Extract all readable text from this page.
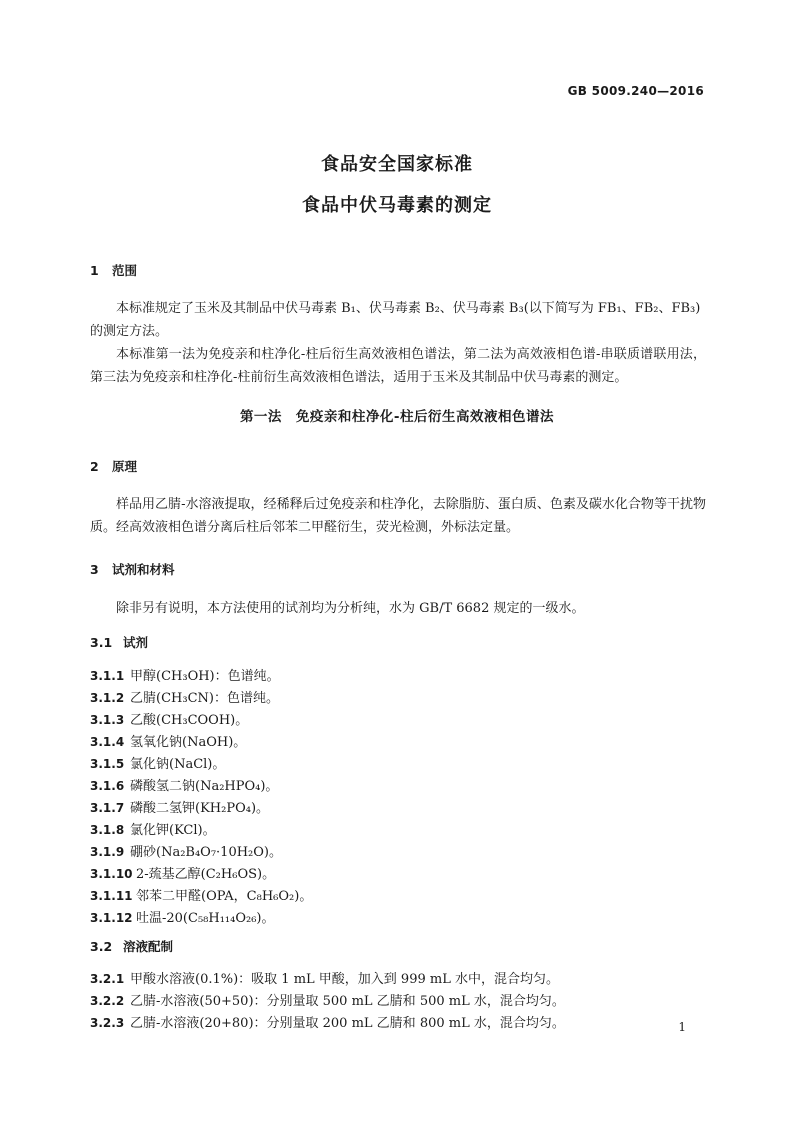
GB 5009.240—2016
食品安全国家标准
食品中伏马毒素的测定
1 范围
本标准规定了玉米及其制品中伏马毒素 B₁、伏马毒素 B₂、伏马毒素 B₃(以下简写为 FB₁、FB₂、FB₃)
的测定方法。
本标准第一法为免疫亲和柱净化-柱后衍生高效液相色谱法，第二法为高效液相色谱-串联质谱联用法，第三法为免疫亲和柱净化-柱前衍生高效液相色谱法，适用于玉米及其制品中伏马毒素的测定。
第一法　免疫亲和柱净化-柱后衍生高效液相色谱法
2 原理
样品用乙腈-水溶液提取，经稀释后过免疫亲和柱净化，去除脂肪、蛋白质、色素及碳水化合物等干扰物质。经高效液相色谱分离后柱后邻苯二甲醛衍生，荧光检测，外标法定量。
3 试剂和材料
除非另有说明，本方法使用的试剂均为分析纯，水为 GB/T 6682 规定的一级水。
3.1 试剂
3.1.1 甲醇(CH₃OH)：色谱纯。
3.1.2 乙腈(CH₃CN)：色谱纯。
3.1.3 乙酸(CH₃COOH)。
3.1.4 氢氧化钠(NaOH)。
3.1.5 氯化钠(NaCl)。
3.1.6 磷酸氢二钠(Na₂HPO₄)。
3.1.7 磷酸二氢钾(KH₂PO₄)。
3.1.8 氯化钾(KCl)。
3.1.9 硼砂(Na₂B₄O₇·10H₂O)。
3.1.10 2-巯基乙醇(C₂H₆OS)。
3.1.11 邻苯二甲醛(OPA，C₈H₆O₂)。
3.1.12 吐温-20(C₅₈H₁₁₄O₂₆)。
3.2 溶液配制
3.2.1 甲酸水溶液(0.1%)：吸取 1 mL 甲酸，加入到 999 mL 水中，混合均匀。
3.2.2 乙腈-水溶液(50+50)：分别量取 500 mL 乙腈和 500 mL 水，混合均匀。
3.2.3 乙腈-水溶液(20+80)：分别量取 200 mL 乙腈和 800 mL 水，混合均匀。	1
